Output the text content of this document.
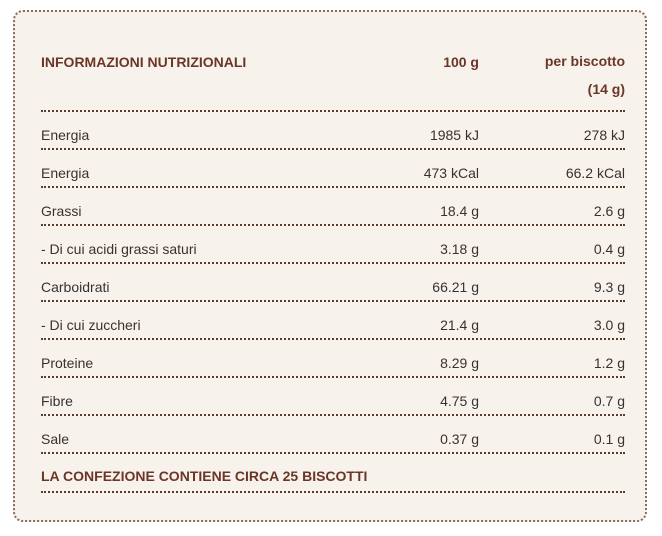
INFORMAZIONI NUTRIZIONALI	100 g	per biscotto
(14 g)
Energia	1985 kJ	278 kJ
Energia	473 kCal	66.2 kCal
Grassi	18.4 g	2.6 g
- Di cui acidi grassi saturi	3.18 g	0.4 g
Carboidrati	66.21 g	9.3 g
- Di cui zuccheri	21.4 g	3.0 g
Proteine	8.29 g	1.2 g
Fibre	4.75 g	0.7 g
Sale	0.37 g	0.1 g
LA CONFEZIONE CONTIENE CIRCA 25 BISCOTTI
